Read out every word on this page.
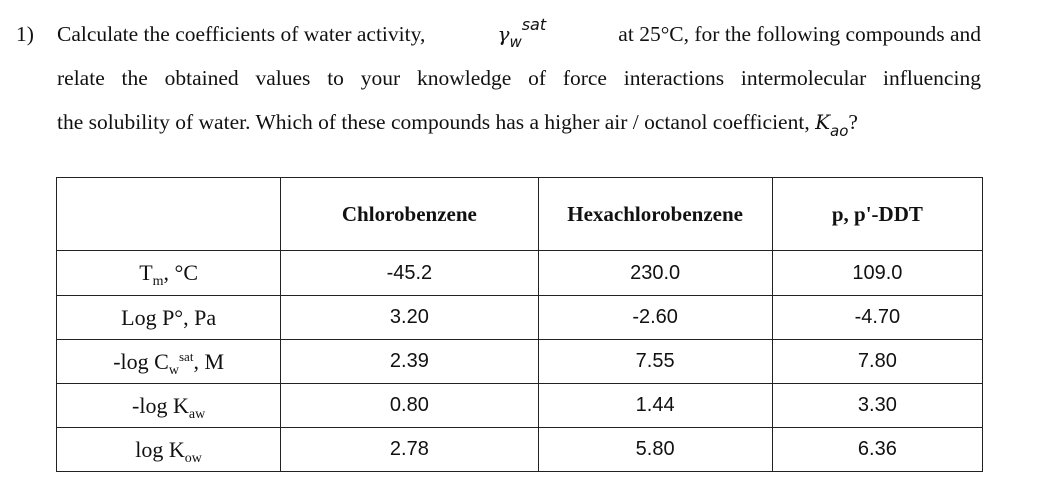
1) Calculate the coefficients of water activity,	$\gamma_w^{sat}$	at 25°C, for the following compounds and
relate the obtained values to your knowledge of force interactions intermolecular influencing
the solubility of water. Which of these compounds has a higher air / octanol coefficient, $K_{ao}$?
	Chlorobenzene	Hexachlorobenzene	p, p'-DDT
$T_m$, °C	-45.2	230.0	109.0
Log P°, Pa	3.20	-2.60	-4.70
-log $C_w^{sat}$, M	2.39	7.55	7.80
-log $K_{aw}$	0.80	1.44	3.30
$\log K_{ow}$	2.78	5.80	6.36
